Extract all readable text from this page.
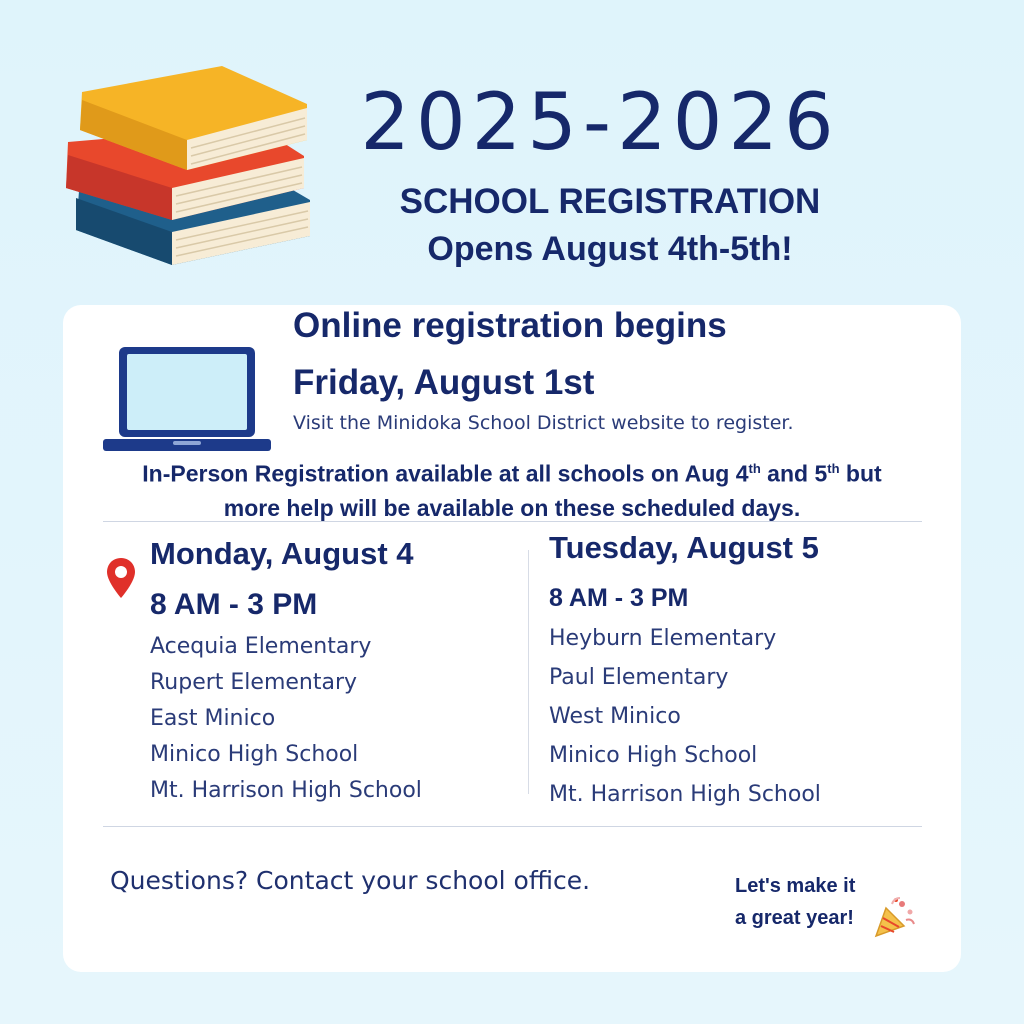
2025-2026
SCHOOL REGISTRATION
Opens August 4th-5th!
Online registration begins
Friday, August 1st
Visit the Minidoka School District website to register.
In-Person Registration available at all schools on Aug 4th and 5th but
more help will be available on these scheduled days.
Monday, August 4
8 AM - 3 PM
Acequia Elementary
Rupert Elementary
East Minico
Minico High School
Mt. Harrison High School
Tuesday, August 5
8 AM - 3 PM
Heyburn Elementary
Paul Elementary
West Minico
Minico High School
Mt. Harrison High School
Questions? Contact your school office.	Let's make it
a great year!
